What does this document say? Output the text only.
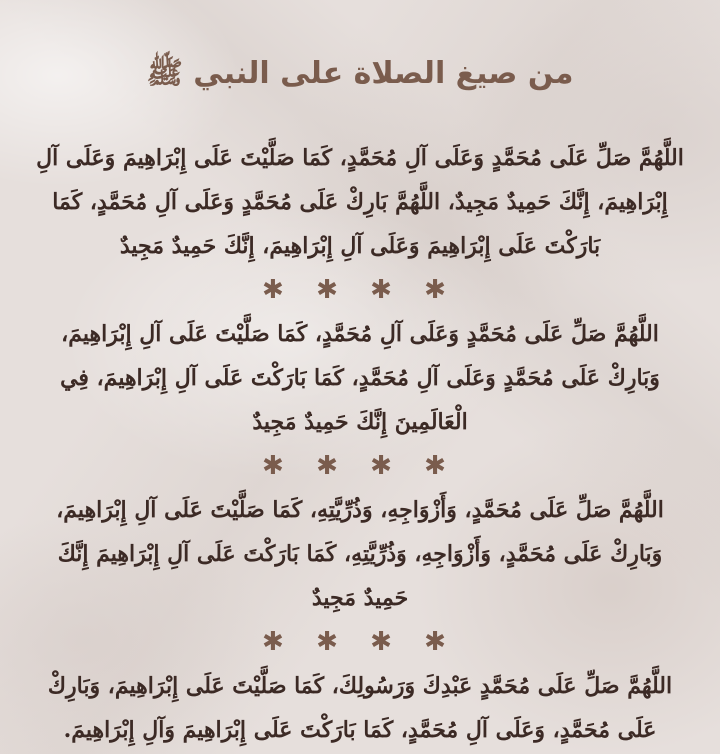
من صيغ الصلاة على النبي ﷺ

اللَّهُمَّ صَلِّ عَلَى مُحَمَّدٍ وَعَلَى آلِ مُحَمَّدٍ، كَمَا صَلَّيْتَ عَلَى إِبْرَاهِيمَ وَعَلَى آلِ إِبْرَاهِيمَ، إِنَّكَ حَمِيدٌ مَجِيدٌ، اللَّهُمَّ بَارِكْ عَلَى مُحَمَّدٍ وَعَلَى آلِ مُحَمَّدٍ، كَمَا بَارَكْتَ عَلَى إِبْرَاهِيمَ وَعَلَى آلِ إِبْرَاهِيمَ، إِنَّكَ حَمِيدٌ مَجِيدٌ

✱ ✱ ✱ ✱

اللَّهُمَّ صَلِّ عَلَى مُحَمَّدٍ وَعَلَى آلِ مُحَمَّدٍ، كَمَا صَلَّيْتَ عَلَى آلِ إِبْرَاهِيمَ، وَبَارِكْ عَلَى مُحَمَّدٍ وَعَلَى آلِ مُحَمَّدٍ، كَمَا بَارَكْتَ عَلَى آلِ إِبْرَاهِيمَ، فِي الْعَالَمِينَ إِنَّكَ حَمِيدٌ مَجِيدٌ

✱ ✱ ✱ ✱

اللَّهُمَّ صَلِّ عَلَى مُحَمَّدٍ، وَأَزْوَاجِهِ، وَذُرِّيَّتِهِ، كَمَا صَلَّيْتَ عَلَى آلِ إِبْرَاهِيمَ، وَبَارِكْ عَلَى مُحَمَّدٍ، وَأَزْوَاجِهِ، وَذُرِّيَّتِهِ، كَمَا بَارَكْتَ عَلَى آلِ إِبْرَاهِيمَ إِنَّكَ حَمِيدٌ مَجِيدٌ

✱ ✱ ✱ ✱

اللَّهُمَّ صَلِّ عَلَى مُحَمَّدٍ عَبْدِكَ وَرَسُولِكَ، كَمَا صَلَّيْتَ عَلَى إِبْرَاهِيمَ، وَبَارِكْ عَلَى مُحَمَّدٍ، وَعَلَى آلِ مُحَمَّدٍ، كَمَا بَارَكْتَ عَلَى إِبْرَاهِيمَ وَآلِ إِبْرَاهِيمَ.
